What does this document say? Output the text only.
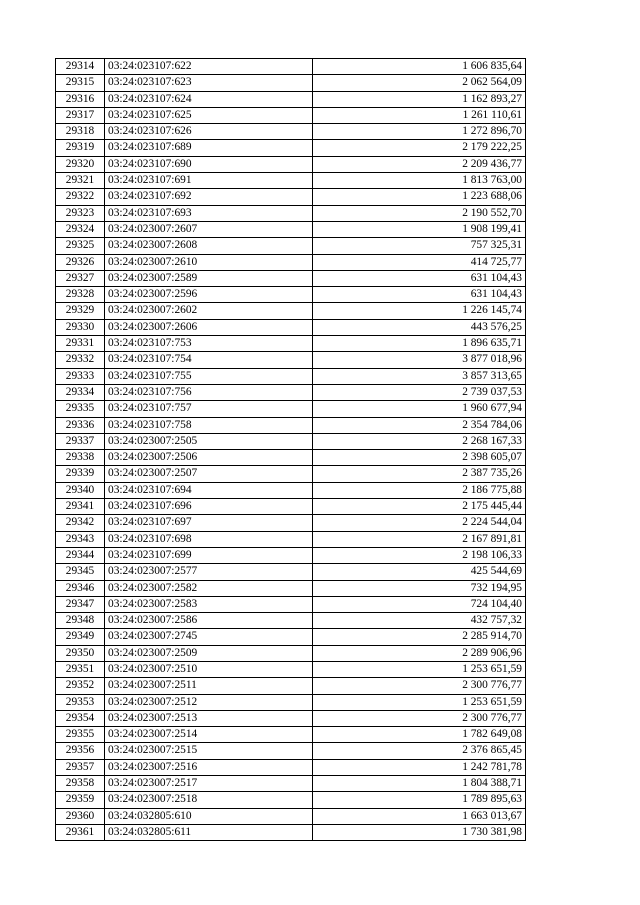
29314	03:24:023107:622	1 606 835,64
29315	03:24:023107:623	2 062 564,09
29316	03:24:023107:624	1 162 893,27
29317	03:24:023107:625	1 261 110,61
29318	03:24:023107:626	1 272 896,70
29319	03:24:023107:689	2 179 222,25
29320	03:24:023107:690	2 209 436,77
29321	03:24:023107:691	1 813 763,00
29322	03:24:023107:692	1 223 688,06
29323	03:24:023107:693	2 190 552,70
29324	03:24:023007:2607	1 908 199,41
29325	03:24:023007:2608	757 325,31
29326	03:24:023007:2610	414 725,77
29327	03:24:023007:2589	631 104,43
29328	03:24:023007:2596	631 104,43
29329	03:24:023007:2602	1 226 145,74
29330	03:24:023007:2606	443 576,25
29331	03:24:023107:753	1 896 635,71
29332	03:24:023107:754	3 877 018,96
29333	03:24:023107:755	3 857 313,65
29334	03:24:023107:756	2 739 037,53
29335	03:24:023107:757	1 960 677,94
29336	03:24:023107:758	2 354 784,06
29337	03:24:023007:2505	2 268 167,33
29338	03:24:023007:2506	2 398 605,07
29339	03:24:023007:2507	2 387 735,26
29340	03:24:023107:694	2 186 775,88
29341	03:24:023107:696	2 175 445,44
29342	03:24:023107:697	2 224 544,04
29343	03:24:023107:698	2 167 891,81
29344	03:24:023107:699	2 198 106,33
29345	03:24:023007:2577	425 544,69
29346	03:24:023007:2582	732 194,95
29347	03:24:023007:2583	724 104,40
29348	03:24:023007:2586	432 757,32
29349	03:24:023007:2745	2 285 914,70
29350	03:24:023007:2509	2 289 906,96
29351	03:24:023007:2510	1 253 651,59
29352	03:24:023007:2511	2 300 776,77
29353	03:24:023007:2512	1 253 651,59
29354	03:24:023007:2513	2 300 776,77
29355	03:24:023007:2514	1 782 649,08
29356	03:24:023007:2515	2 376 865,45
29357	03:24:023007:2516	1 242 781,78
29358	03:24:023007:2517	1 804 388,71
29359	03:24:023007:2518	1 789 895,63
29360	03:24:032805:610	1 663 013,67
29361	03:24:032805:611	1 730 381,98
